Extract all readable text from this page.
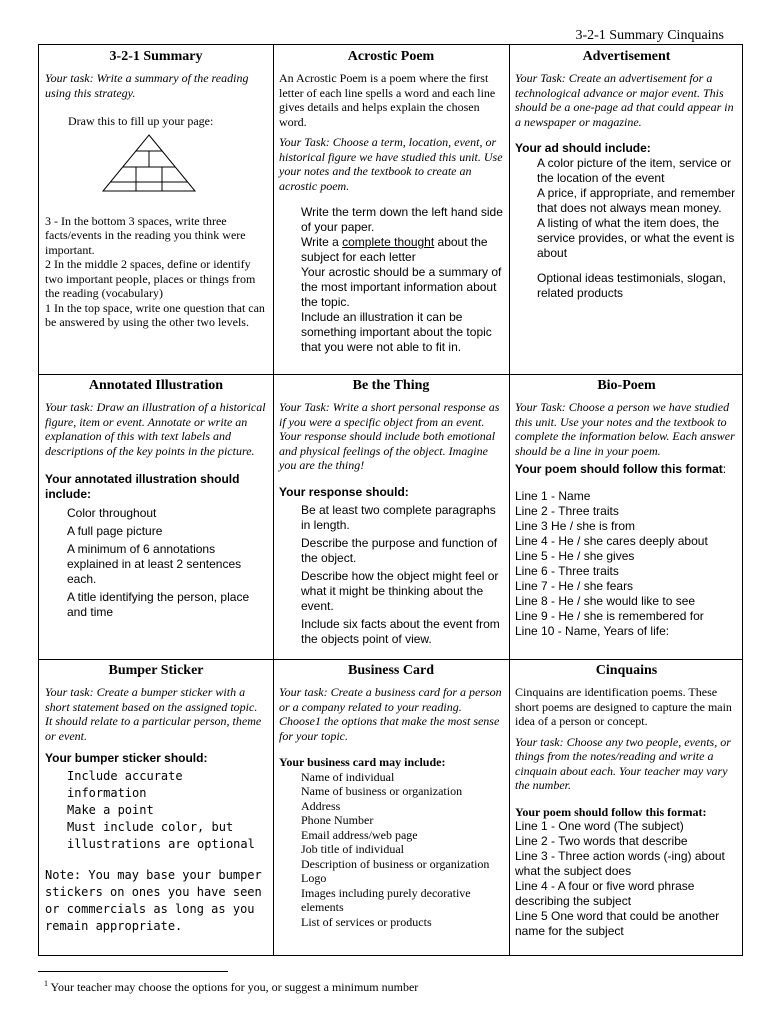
3-2-1 Summary Cinquains
3-2-1 Summary
Your task: Write a summary of the reading using this strategy.
Draw this to fill up your page:
3 - In the bottom 3 spaces, write three facts/events in the reading you think were important.
2 In the middle 2 spaces, define or identify two important people, places or things from the reading (vocabulary)
1 In the top space, write one question that can be answered by using the other two levels.
Acrostic Poem
An Acrostic Poem is a poem where the first letter of each line spells a word and each line gives details and helps explain the chosen word.
Your Task: Choose a term, location, event, or historical figure we have studied this unit. Use your notes and the textbook to create an acrostic poem.
Write the term down the left hand side of your paper.
Write a complete thought about the subject for each letter
Your acrostic should be a summary of the most important information about the topic.
Include an illustration it can be something important about the topic that you were not able to fit in.
Advertisement
Your Task: Create an advertisement for a technological advance or major event. This should be a one-page ad that could appear in a newspaper or magazine.
Your ad should include:
A color picture of the item, service or the location of the event
A price, if appropriate, and remember that does not always mean money.
A listing of what the item does, the service provides, or what the event is about
Optional ideas testimonials, slogan, related products
Annotated Illustration
Your task: Draw an illustration of a historical figure, item or event. Annotate or write an explanation of this with text labels and descriptions of the key points in the picture.
Your annotated illustration should include:
Color throughout
A full page picture
A minimum of 6 annotations explained in at least 2 sentences each.
A title identifying the person, place and time
Be the Thing
Your Task: Write a short personal response as if you were a specific object from an event. Your response should include both emotional and physical feelings of the object. Imagine you are the thing!
Your response should:
Be at least two complete paragraphs in length.
Describe the purpose and function of the object.
Describe how the object might feel or what it might be thinking about the event.
Include six facts about the event from the objects point of view.
Bio-Poem
Your Task: Choose a person we have studied this unit. Use your notes and the textbook to complete the information below. Each answer should be a line in your poem.
Your poem should follow this format:
Line 1 - Name
Line 2 - Three traits
Line 3 He / she is from
Line 4 - He / she cares deeply about
Line 5 - He / she gives
Line 6 - Three traits
Line 7 - He / she fears
Line 8 - He / she would like to see
Line 9 - He / she is remembered for
Line 10 - Name, Years of life:
Bumper Sticker
Your task: Create a bumper sticker with a short statement based on the assigned topic. It should relate to a particular person, theme or event.
Your bumper sticker should:
Include accurate information
Make a point
Must include color, but illustrations are optional
Note: You may base your bumper stickers on ones you have seen or commercials as long as you remain appropriate.
Business Card
Your task: Create a business card for a person or a company related to your reading. Choose1 the options that make the most sense for your topic.
Your business card may include:
Name of individual
Name of business or organization
Address
Phone Number
Email address/web page
Job title of individual
Description of business or organization
Logo
Images including purely decorative elements
List of services or products
Cinquains
Cinquains are identification poems. These short poems are designed to capture the main idea of a person or concept.
Your task: Choose any two people, events, or things from the notes/reading and write a cinquain about each. Your teacher may vary the number.
Your poem should follow this format:
Line 1 - One word (The subject)
Line 2 - Two words that describe
Line 3 - Three action words (-ing) about what the subject does
Line 4 - A four or five word phrase describing the subject
Line 5 One word that could be another name for the subject
$^1$ Your teacher may choose the options for you, or suggest a minimum number
